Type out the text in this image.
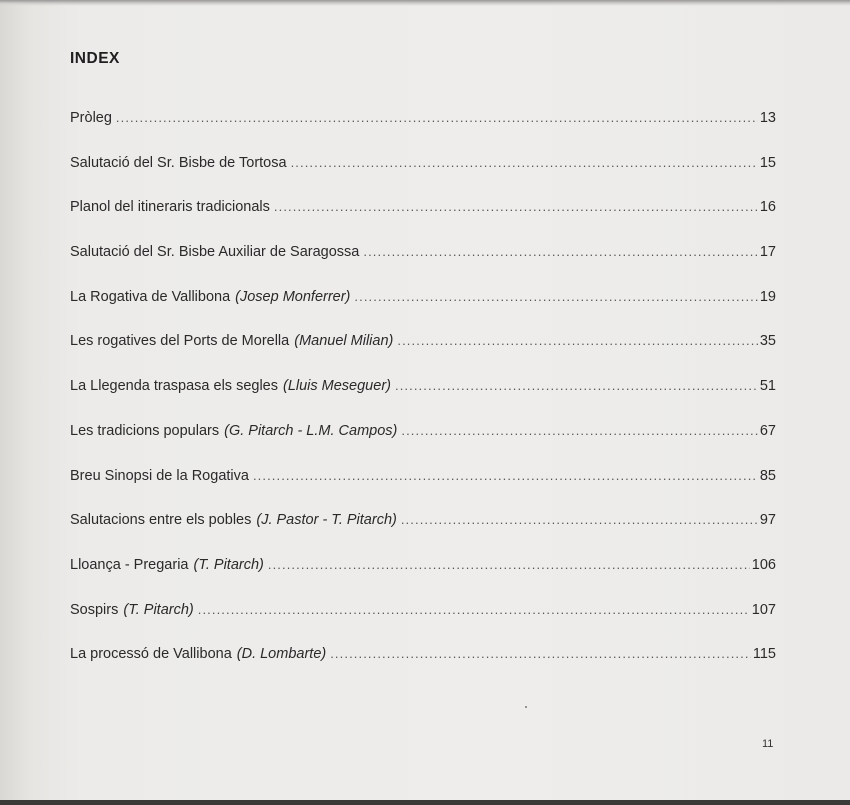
INDEX
Pròleg .....	13
Salutació del Sr. Bisbe de Tortosa .....	15
Planol del itineraris tradicionals .....	16
Salutació del Sr. Bisbe Auxiliar de Saragossa .....	17
La Rogativa de Vallibona (Josep Monferrer) .....	19
Les rogatives del Ports de Morella (Manuel Milian) .....	35
La Llegenda traspasa els segles (Lluis Meseguer) .....	51
Les tradicions populars (G. Pitarch - L.M. Campos) .....	67
Breu Sinopsi de la Rogativa .....	85
Salutacions entre els pobles (J. Pastor - T. Pitarch) .....	97
Lloança - Pregaria (T. Pitarch) .....	106
Sospirs (T. Pitarch) .....	107
La processó de Vallibona (D. Lombarte) .....	115
11
